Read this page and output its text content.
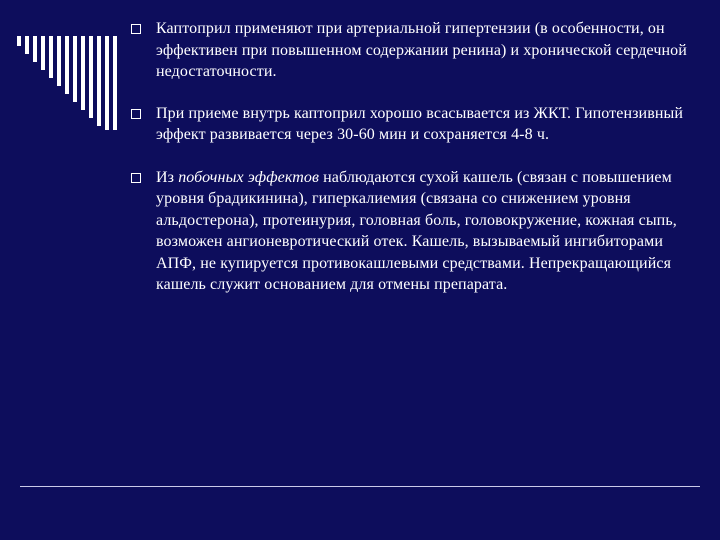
Каптоприл применяют при артериальной гипертензии (в особенности, он эффективен при повышенном содержании ренина) и хронической сердечной недостаточности.
При приеме внутрь каптоприл хорошо всасывается из ЖКТ. Гипотензивный эффект развивается через 30-60 мин и сохраняется 4-8 ч.
Из побочных эффектов наблюдаются сухой кашель (связан с повышением уровня брадикинина), гиперкалиемия (связана со снижением уровня альдостерона), протеинурия, головная боль, головокружение, кожная сыпь, возможен ангионевротический отек. Кашель, вызываемый ингибиторами АПФ, не купируется противокашлевыми средствами. Непрекращающийся кашель служит основанием для отмены препарата.
